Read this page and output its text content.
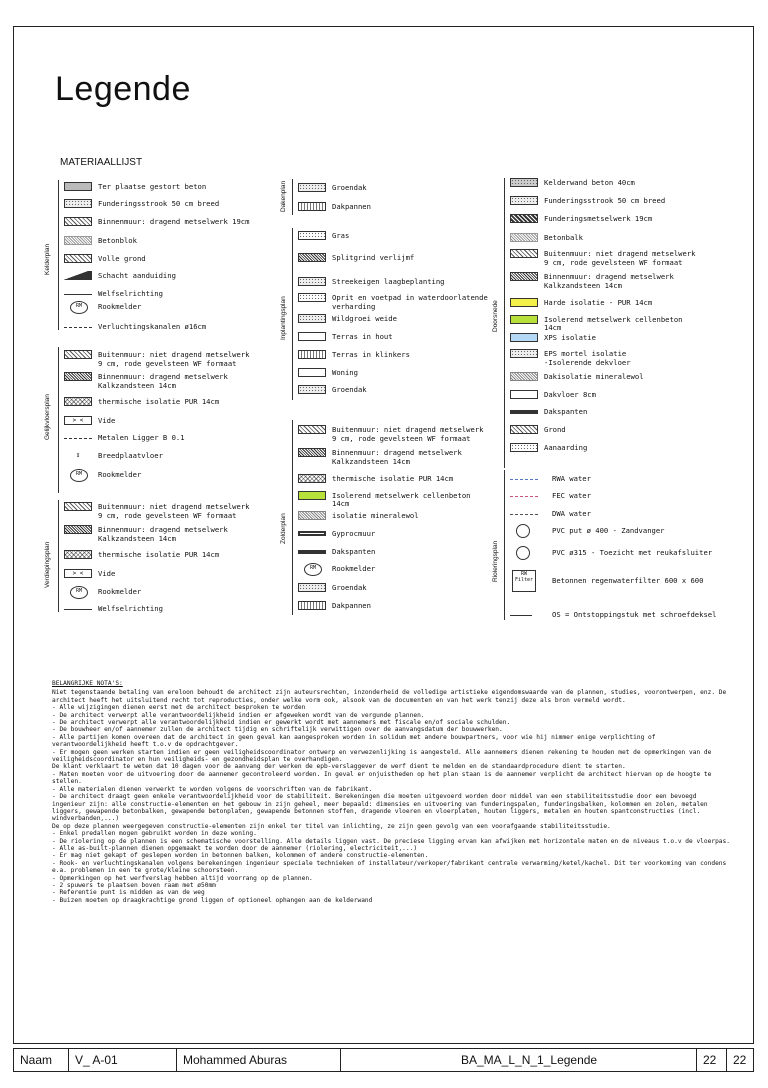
Legende
MATERIAALLIJST
Ter plaatse gestort beton
Funderingsstrook 50 cm breed
Binnenmuur: dragend metselwerk 19cm
Betonblok
Volle grond
Schacht aanduiding
Welfselrichting
RM	Rookmelder
Verluchtingskanalen ø16cm
Buitenmuur: niet dragend metselwerk
9 cm, rode gevelsteen WF formaat
Binnenmuur: dragend metselwerk
Kalkzandsteen 14cm
thermische isolatie PUR 14cm
> <	Vide
Metalen Ligger B 0.1
↕	Breedplaatvloer
RM	Rookmelder
Buitenmuur: niet dragend metselwerk
9 cm, rode gevelsteen WF formaat
Binnenmuur: dragend metselwerk
Kalkzandsteen 14cm
thermische isolatie PUR 14cm
> <	Vide
RM	Rookmelder
Welfselrichting
Kelderplan
Gelijkvloersplan
Verdiepingsplan
Groendak
Dakpannen
Gras
Splitgrind verlijmf
Streekeigen laagbeplanting
Oprit en voetpad in waterdoorlatende
verharding
Wildgroei weide
Terras in hout
Terras in klinkers
Woning
Groendak
Buitenmuur: niet dragend metselwerk
9 cm, rode gevelsteen WF formaat
Binnenmuur: dragend metselwerk
Kalkzandsteen 14cm
thermische isolatie PUR 14cm
Isolerend metselwerk cellenbeton
14cm
isolatie mineralewol
Gyprocmuur
Dakspanten
RM	Rookmelder
Groendak
Dakpannen
Dakenplan
Inplantingsplan
Zolderplan
Kelderwand beton 40cm
Funderingsstrook 50 cm breed
Funderingsmetselwerk 19cm
Betonbalk
Buitenmuur: niet dragend metselwerk
9 cm, rode gevelsteen WF formaat
Binnenmuur: dragend metselwerk
Kalkzandsteen 14cm
Harde isolatie - PUR 14cm
Isolerend metselwerk cellenbeton
14cm
XPS isolatie
EPS mortel isolatie
-Isolerende dekvloer
Dakisolatie mineralewol
Dakvloer 8cm
Dakspanten
Grond
Aanaarding
RWA water
FEC water
DWA water
PVC put ø 400 - Zandvanger
PVC ø315 - Toezicht met reukafsluiter
RW Filter	Betonnen regenwaterfilter 600 x 600
OS = Ontstoppingstuk met schroefdeksel
Doorsnede
Rioleringsplan
BELANGRIJKE NOTA'S:

Niet tegenstaande betaling van ereloon behoudt de architect zijn auteursrechten, inzonderheid de volledige artistieke eigendomswaarde van de plannen, studies, voorontwerpen, enz. De architect heeft het uitsluitend recht tot reproducties, onder welke vorm ook, alsook van de documenten en van het werk tenzij deze als bron vermeld wordt.

- Alle wijzigingen dienen eerst met de architect besproken te worden

- De architect verwerpt alle verantwoordelijkheid indien er afgeweken wordt van de vergunde plannen.

- De architect verwerpt alle verantwoordelijkheid indien er gewerkt wordt met aannemers met fiscale en/of sociale schulden.

- De bouwheer en/of aannemer zullen de architect tijdig en schriftelijk verwittigen over de aanvangsdatum der bouwwerken.

- Alle partijen komen overeen dat de architect in geen geval kan aangesproken worden in solidum met andere bouwpartners, voor wie hij nimmer enige verplichting of verantwoordelijkheid heeft t.o.v de opdrachtgever.

- Er mogen geen werken starten indien er geen veiligheidscoordinator ontwerp en verwezenlijking is aangesteld. Alle aannemers dienen rekening te houden met de opmerkingen van de veiligheidscoordinator en hun veiligheids- en gezondheidsplan te overhandigen.

De klant verklaart te weten dat 10 dagen voor de aanvang der werken de epb-verslaggever de werf dient te melden en de standaardprocedure dient te starten.

- Maten moeten voor de uitvoering door de aannemer gecontroleerd worden. In geval er onjuistheden op het plan staan is de aannemer verplicht de architect hiervan op de hoogte te stellen.

- Alle materialen dienen verwerkt te worden volgens de voorschriften van de fabrikant.

- De architect draagt geen enkele verantwoordelijkheid voor de stabiliteit. Berekeningen die moeten uitgevoerd worden door middel van een stabiliteitsstudie door een bevoegd ingenieur zijn: alle constructie-elementen en het gebouw in zijn geheel, meer bepaald: dimensies en uitvoering van funderingspalen, funderingsbalken, kolommen en zolen, metalen liggers, gewapende betonbalken, gewapende betonplaten, gewapende betonnen stoffen, dragende vloeren en vloerplaten, houten liggers, metalen en houten spantconstructies (incl. windverbanden,...)

De op deze plannen weergegeven constructie-elementen zijn enkel ter titel van inlichting, ze zijn geen gevolg van een voorafgaande stabiliteitsstudie.

- Enkel predallen mogen gebruikt worden in deze woning.

- De riolering op de plannen is een schematische voorstelling. Alle details liggen vast. De preciese ligging ervan kan afwijken met horizontale maten en de niveaus t.o.v de vloerpas.

- Alle as-built-plannen dienen opgemaakt te worden door de aannemer (riolering, electriciteit,...)

- Er mag niet gekapt of geslepen worden in betonnen balken, kolommen of andere constructie-elementen.

- Rook- en verluchtingskanalen volgens berekeningen ingenieur speciale technieken of installateur/verkoper/fabrikant centrale verwarming/ketel/kachel. Dit ter voorkoming van condens e.a. problemen in een te grote/kleine schoorsteen.

- Opmerkingen op het werfverslag hebben altijd voorrang op de plannen.

- 2 spuwers te plaatsen boven raam met ø50mm

- Referentie punt is midden as van de weg

- Buizen moeten op draagkrachtige grond liggen of optioneel ophangen aan de kelderwand

Naam	V_ A-01	Mohammed Aburas	BA_MA_L_N_1_Legende	22	22
